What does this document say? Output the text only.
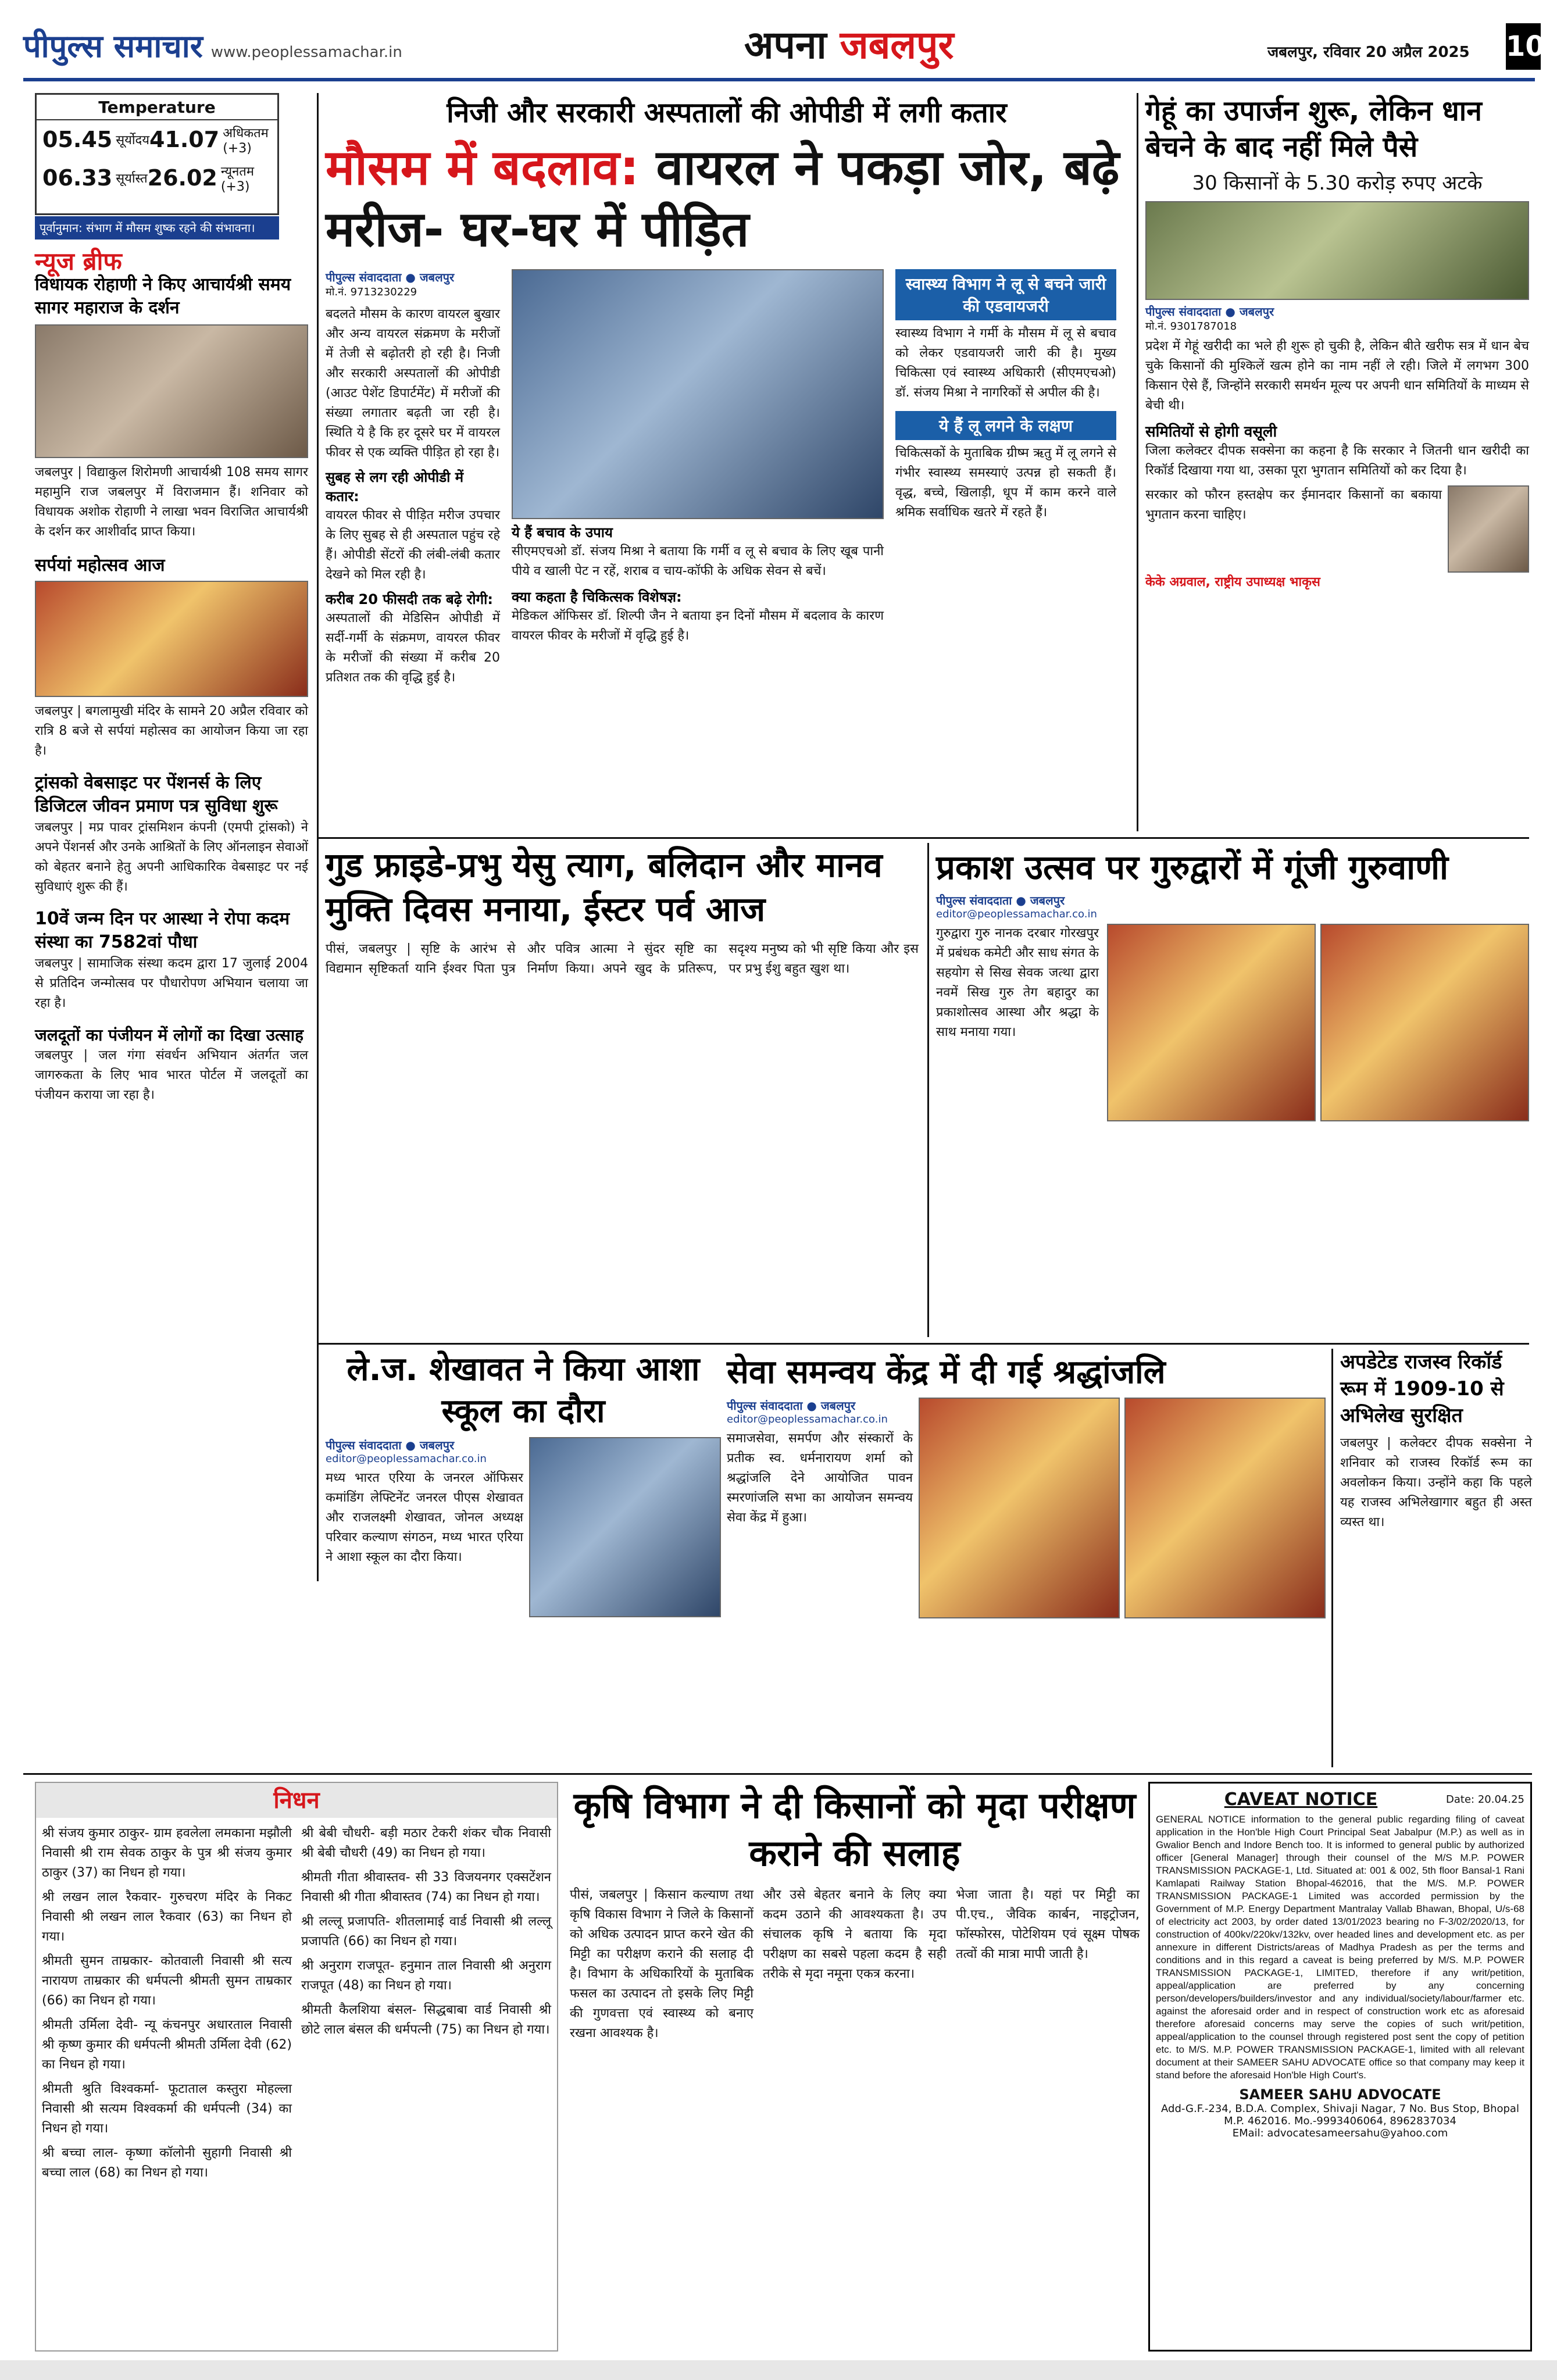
पीपुल्स समाचार www.peoplessamachar.in	अपना जबलपुर	जबलपुर, रविवार 20 अप्रैल 2025 10
Temperature
05.45 सूर्योदय 41.07 अधिकतम (+3)
06.33 सूर्यास्त 26.02 न्यूनतम (+3)
पूर्वानुमान: संभाग में मौसम शुष्क रहने की संभावना।
न्यूज ब्रीफ
विधायक रोहाणी ने किए आचार्यश्री समय सागर महाराज के दर्शन
जबलपुर | विद्याकुल शिरोमणी आचार्यश्री 108 समय सागर महामुनि राज जबलपुर में विराजमान हैं। शनिवार को विधायक अशोक रोहाणी ने लाखा भवन विराजित आचार्यश्री के दर्शन कर आशीर्वाद प्राप्त किया।
सर्पयां महोत्सव आज
जबलपुर | बगलामुखी मंदिर के सामने 20 अप्रैल रविवार को रात्रि 8 बजे से सर्पयां महोत्सव का आयोजन किया जा रहा है।
ट्रांसको वेबसाइट पर पेंशनर्स के लिए डिजिटल जीवन प्रमाण पत्र सुविधा शुरू
जबलपुर | मप्र पावर ट्रांसमिशन कंपनी (एमपी ट्रांसको) ने अपने पेंशनर्स और उनके आश्रितों के लिए ऑनलाइन सेवाओं को बेहतर बनाने हेतु अपनी आधिकारिक वेबसाइट पर नई सुविधाएं शुरू की हैं।
10वें जन्म दिन पर आस्था ने रोपा कदम संस्था का 7582वां पौधा
जबलपुर | सामाजिक संस्था कदम द्वारा 17 जुलाई 2004 से प्रतिदिन जन्मोत्सव पर पौधारोपण अभियान चलाया जा रहा है।
जलदूतों का पंजीयन में लोगों का दिखा उत्साह
जबलपुर | जल गंगा संवर्धन अभियान अंतर्गत जल जागरुकता के लिए भाव भारत पोर्टल में जलदूतों का पंजीयन कराया जा रहा है।
निजी और सरकारी अस्पतालों की ओपीडी में लगी कतार
मौसम में बदलाव: वायरल ने पकड़ा जोर, बढ़े मरीज- घर-घर में पीड़ित
पीपुल्स संवाददाता ● जबलपुर
मो.नं. 9713230229
बदलते मौसम के कारण वायरल बुखार और अन्य वायरल संक्रमण के मरीजों में तेजी से बढ़ोतरी हो रही है। निजी और सरकारी अस्पतालों की ओपीडी (आउट पेशेंट डिपार्टमेंट) में मरीजों की संख्या लगातार बढ़ती जा रही है। स्थिति ये है कि हर दूसरे घर में वायरल फीवर से एक व्यक्ति पीड़ित हो रहा है।
सुबह से लग रही ओपीडी में कतार:
वायरल फीवर से पीड़ित मरीज उपचार के लिए सुबह से ही अस्पताल पहुंच रहे हैं। ओपीडी सेंटरों की लंबी-लंबी कतार देखने को मिल रही है।
करीब 20 फीसदी तक बढ़े रोगी:
अस्पतालों की मेडिसिन ओपीडी में सर्दी-गर्मी के संक्रमण, वायरल फीवर के मरीजों की संख्या में करीब 20 प्रतिशत तक की वृद्धि हुई है।
ये हैं बचाव के उपाय
सीएमएचओ डॉ. संजय मिश्रा ने बताया कि गर्मी व लू से बचाव के लिए खूब पानी पीये व खाली पेट न रहें, शराब व चाय-कॉफी के अधिक सेवन से बचें।
क्या कहता है चिकित्सक विशेषज्ञ:
मेडिकल ऑफिसर डॉ. शिल्पी जैन ने बताया इन दिनों मौसम में बदलाव के कारण वायरल फीवर के मरीजों में वृद्धि हुई है।
स्वास्थ्य विभाग ने लू से बचने जारी की एडवायजरी
स्वास्थ्य विभाग ने गर्मी के मौसम में लू से बचाव को लेकर एडवायजरी जारी की है। मुख्य चिकित्सा एवं स्वास्थ्य अधिकारी (सीएमएचओ) डॉ. संजय मिश्रा ने नागरिकों से अपील की है।
ये हैं लू लगने के लक्षण
चिकित्सकों के मुताबिक ग्रीष्म ऋतु में लू लगने से गंभीर स्वास्थ्य समस्याएं उत्पन्न हो सकती हैं। वृद्ध, बच्चे, खिलाड़ी, धूप में काम करने वाले श्रमिक सर्वाधिक खतरे में रहते हैं।
गेहूं का उपार्जन शुरू, लेकिन धान बेचने के बाद नहीं मिले पैसे
30 किसानों के 5.30 करोड़ रुपए अटके
पीपुल्स संवाददाता ● जबलपुर
मो.नं. 9301787018
प्रदेश में गेहूं खरीदी का भले ही शुरू हो चुकी है, लेकिन बीते खरीफ सत्र में धान बेच चुके किसानों की मुश्किलें खत्म होने का नाम नहीं ले रही। जिले में लगभग 300 किसान ऐसे हैं, जिन्होंने सरकारी समर्थन मूल्य पर अपनी धान समितियों के माध्यम से बेची थी।
समितियों से होगी वसूली
जिला कलेक्टर दीपक सक्सेना का कहना है कि सरकार ने जितनी धान खरीदी का रिकॉर्ड दिखाया गया था, उसका पूरा भुगतान समितियों को कर दिया है।
सरकार को फौरन हस्तक्षेप कर ईमानदार किसानों का बकाया भुगतान करना चाहिए।
केके अग्रवाल, राष्ट्रीय उपाध्यक्ष भाकृस
गुड फ्राइडे-प्रभु येसु त्याग, बलिदान और मानव मुक्ति दिवस मनाया, ईस्टर पर्व आज
पीसं, जबलपुर | सृष्टि के आरंभ से विद्यमान सृष्टिकर्ता यानि ईश्वर पिता पुत्र और पवित्र आत्मा ने सुंदर सृष्टि का निर्माण किया। अपने खुद के प्रतिरूप, सदृश्य मनुष्य को भी सृष्टि किया और इस पर प्रभु ईशु बहुत खुश था।
प्रकाश उत्सव पर गुरुद्वारों में गूंजी गुरुवाणी
पीपुल्स संवाददाता ● जबलपुर
editor@peoplessamachar.co.in
गुरुद्वारा गुरु नानक दरबार गोरखपुर में प्रबंधक कमेटी और साध संगत के सहयोग से सिख सेवक जत्था द्वारा नवमें सिख गुरु तेग बहादुर का प्रकाशोत्सव आस्था और श्रद्धा के साथ मनाया गया।
ले.ज. शेखावत ने किया आशा स्कूल का दौरा
पीपुल्स संवाददाता ● जबलपुर
editor@peoplessamachar.co.in
मध्य भारत एरिया के जनरल ऑफिसर कमांडिंग लेफ्टिनेंट जनरल पीएस शेखावत और राजलक्ष्मी शेखावत, जोनल अध्यक्ष परिवार कल्याण संगठन, मध्य भारत एरिया ने आशा स्कूल का दौरा किया।
सेवा समन्वय केंद्र में दी गई श्रद्धांजलि
पीपुल्स संवाददाता ● जबलपुर
editor@peoplessamachar.co.in
समाजसेवा, समर्पण और संस्कारों के प्रतीक स्व. धर्मनारायण शर्मा को श्रद्धांजलि देने आयोजित पावन स्मरणांजलि सभा का आयोजन समन्वय सेवा केंद्र में हुआ।
अपडेटेड राजस्व रिकॉर्ड रूम में 1909-10 से अभिलेख सुरक्षित
जबलपुर | कलेक्टर दीपक सक्सेना ने शनिवार को राजस्व रिकॉर्ड रूम का अवलोकन किया। उन्होंने कहा कि पहले यह राजस्व अभिलेखागार बहुत ही अस्त व्यस्त था।
निधन
श्री संजय कुमार ठाकुर- ग्राम हवलेला लमकाना मझौली निवासी श्री राम सेवक ठाकुर के पुत्र श्री संजय कुमार ठाकुर (37) का निधन हो गया।
श्री लखन लाल रैकवार- गुरुचरण मंदिर के निकट निवासी श्री लखन लाल रैकवार (63) का निधन हो गया।
श्रीमती सुमन ताम्रकार- कोतवाली निवासी श्री सत्य नारायण ताम्रकार की धर्मपत्नी श्रीमती सुमन ताम्रकार (66) का निधन हो गया।
श्रीमती उर्मिला देवी- न्यू कंचनपुर अधारताल निवासी श्री कृष्ण कुमार की धर्मपत्नी श्रीमती उर्मिला देवी (62) का निधन हो गया।
श्रीमती श्रुति विश्वकर्मा- फूटाताल कस्तुरा मोहल्ला निवासी श्री सत्यम विश्वकर्मा की धर्मपत्नी (34) का निधन हो गया।
श्री बच्चा लाल- कृष्णा कॉलोनी सुहागी निवासी श्री बच्चा लाल (68) का निधन हो गया।
श्री बेबी चौधरी- बड़ी मठार टेकरी शंकर चौक निवासी श्री बेबी चौधरी (49) का निधन हो गया।
श्रीमती गीता श्रीवास्तव- सी 33 विजयनगर एक्सटेंशन निवासी श्री गीता श्रीवास्तव (74) का निधन हो गया।
श्री लल्लू प्रजापति- शीतलामाई वार्ड निवासी श्री लल्लू प्रजापति (66) का निधन हो गया।
श्री अनुराग राजपूत- हनुमान ताल निवासी श्री अनुराग राजपूत (48) का निधन हो गया।
श्रीमती कैलशिया बंसल- सिद्धबाबा वार्ड निवासी श्री छोटे लाल बंसल की धर्मपत्नी (75) का निधन हो गया।
कृषि विभाग ने दी किसानों को मृदा परीक्षण कराने की सलाह
पीसं, जबलपुर | किसान कल्याण तथा कृषि विकास विभाग ने जिले के किसानों को अधिक उत्पादन प्राप्त करने खेत की मिट्टी का परीक्षण कराने की सलाह दी है। विभाग के अधिकारियों के मुताबिक फसल का उत्पादन तो इसके लिए मिट्टी की गुणवत्ता एवं स्वास्थ्य को बनाए रखना आवश्यक है।
और उसे बेहतर बनाने के लिए क्या कदम उठाने की आवश्यकता है। उप संचालक कृषि ने बताया कि मृदा परीक्षण का सबसे पहला कदम है सही तरीके से मृदा नमूना एकत्र करना।
भेजा जाता है। यहां पर मिट्टी का पी.एच., जैविक कार्बन, नाइट्रोजन, फॉस्फोरस, पोटेशियम एवं सूक्ष्म पोषक तत्वों की मात्रा मापी जाती है।
CAVEAT NOTICE	Date: 20.04.25
GENERAL NOTICE information to the general public regarding filing of caveat application in the Hon'ble High Court Principal Seat Jabalpur (M.P.) as well as in Gwalior Bench and Indore Bench too. It is informed to general public by authorized officer [General Manager] through their counsel of the M/S M.P. POWER TRANSMISSION PACKAGE-1, Ltd. Situated at: 001 & 002, 5th floor Bansal-1 Rani Kamlapati Railway Station Bhopal-462016, that the M/S. M.P. POWER TRANSMISSION PACKAGE-1 Limited was accorded permission by the Government of M.P. Energy Department Mantralay Vallab Bhawan, Bhopal, U/s-68 of electricity act 2003, by order dated 13/01/2023 bearing no F-3/02/2020/13, for construction of 400kv/220kv/132kv, over headed lines and development etc. as per annexure in different Districts/areas of Madhya Pradesh as per the terms and conditions and in this regard a caveat is being preferred by M/S. M.P. POWER TRANSMISSION PACKAGE-1, LIMITED, therefore if any writ/petition, appeal/application are preferred by any concerning person/developers/builders/investor and any individual/society/labour/farmer etc. against the aforesaid order and in respect of construction work etc as aforesaid therefore aforesaid concerns may serve the copies of such writ/petition, appeal/application to the counsel through registered post sent the copy of petition etc. to M/S. M.P. POWER TRANSMISSION PACKAGE-1, limited with all relevant document at their SAMEER SAHU ADVOCATE office so that company may keep it stand before the aforesaid Hon'ble High Court's.
SAMEER SAHU ADVOCATE
Add-G.F.-234, B.D.A. Complex, Shivaji Nagar, 7 No. Bus Stop, Bhopal M.P. 462016. Mo.-9993406064, 8962837034
EMail: advocatesameersahu@yahoo.com
